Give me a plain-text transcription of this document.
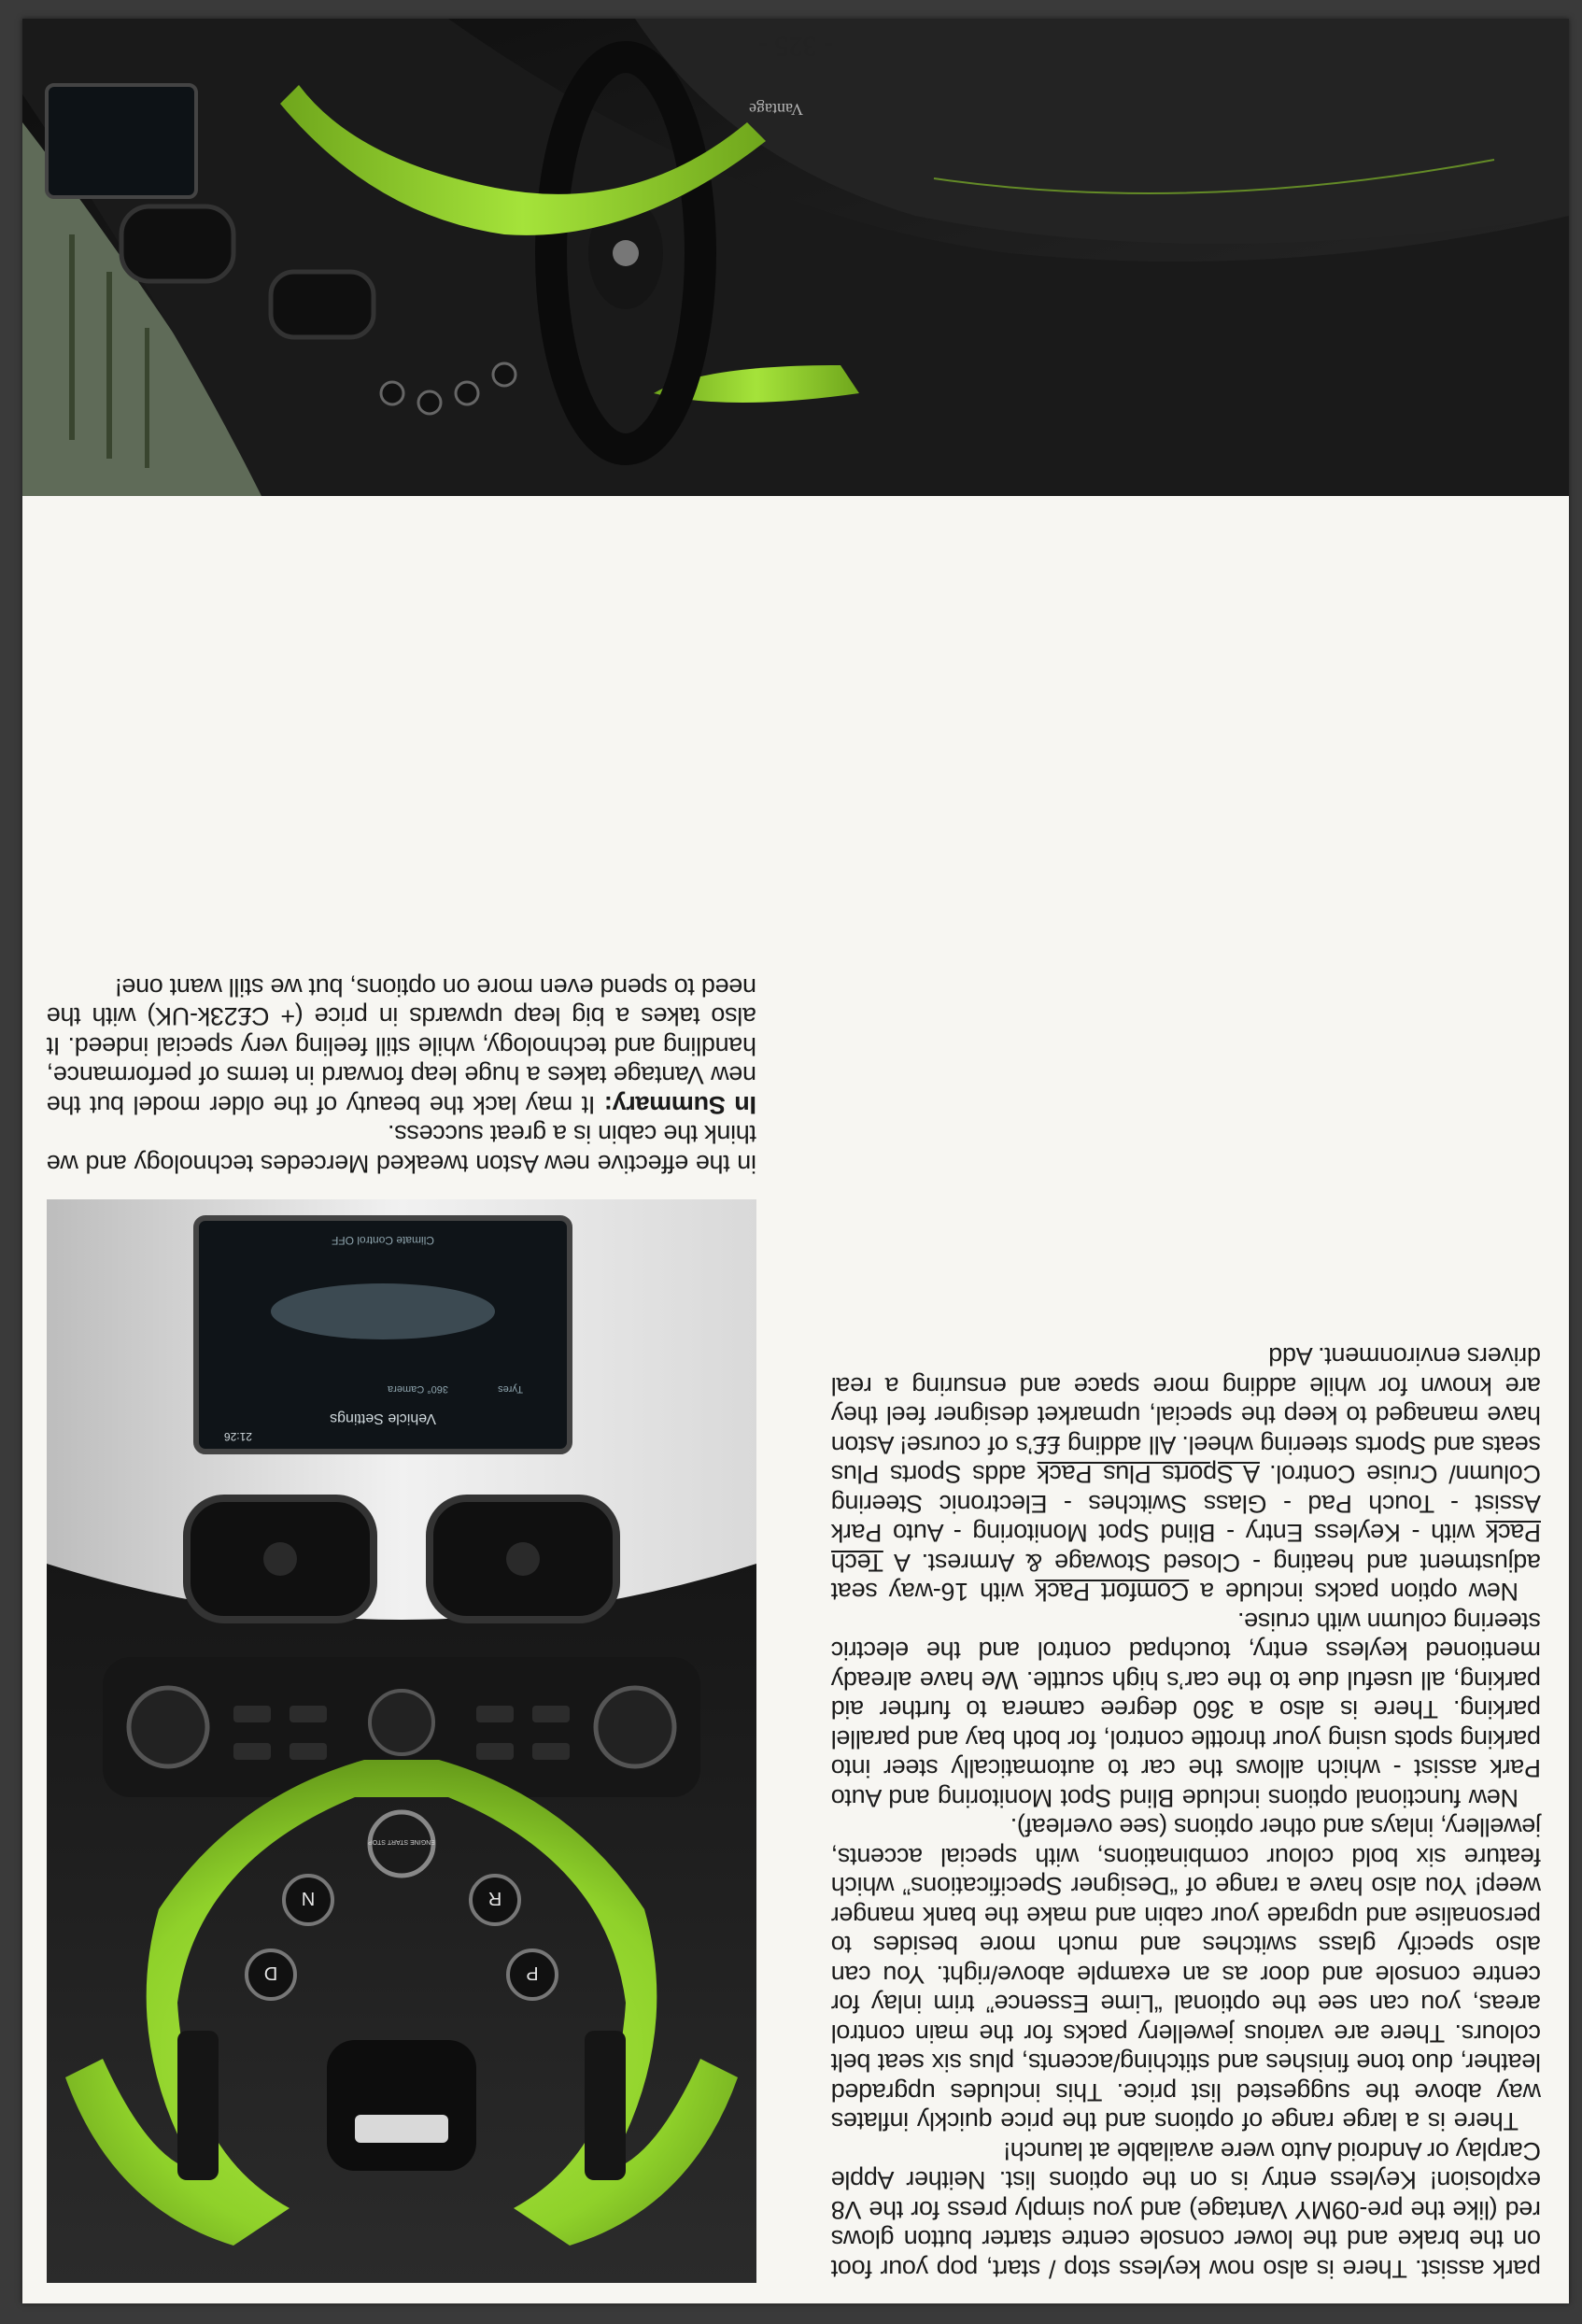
park assist. There is also now keyless stop / start, pop your foot on the brake and the lower console centre starter button glows red (like the pre-09MY Vantage) and you simply press for the V8 explosion! Keyless entry is on the options list. Neither Apple Carplay or Android Auto were available at launch!

There is a large range of options and the price quickly inflates way above the suggested list price. This includes upgraded leather, duo tone finishes and stitching/accents, plus six seat belt colours. There are various jewellery packs for the main control areas, you can see the optional “Lime Essence” trim inlay for centre console and door as an example above/right. You can also specify glass switches and much more besides to personalise and upgrade your cabin and make the bank manger weep! You also have a range of “Designer Specifications” which feature six bold colour combinations, with special accents, jewellery, inlays and other options (see overleaf).

New functional options include Blind Spot Monitoring and Auto Park assist - which allows the car to automatically steer into parking spots using your throttle control, for both bay and parallel parking. There is also a 360 degree camera to further aid parking, all useful due to the car’s high scuttle. We have already mentioned keyless entry, touchpad control and the electric steering column with cruise.

New option packs include a Comfort Pack with 16-way seat adjustment and heating - Closed Stowage & Armrest. A Tech Pack with - Keyless Entry - Blind Spot Monitoring - Auto Park Assist - Touch Pad - Glass Switches - Electronic Steering Column/ Cruise Control. A Sports Plus Pack adds Sports Plus seats and Sports steering wheel. All adding ££’s of course! Aston have managed to keep the special, upmarket designer feel they are known for while adding more space and ensuring a real drivers environment. Add

Vehicle Settings
21:26
Tyres
360° Camera
Climate Control OFF
P
R
N
D
ENGINE START STOP

in the effective new Aston tweaked Mercedes technology and we think the cabin is a great success.

In Summary: It may lack the beauty of the older model but the new Vantage takes a huge leap forward in terms of performance, handling and technology, while still feeling very special indeed. It also takes a big leap upwards in price (+ C£23k-UK) with the need to spend even more on options, but we still want one!

Vantage
- 325 -
